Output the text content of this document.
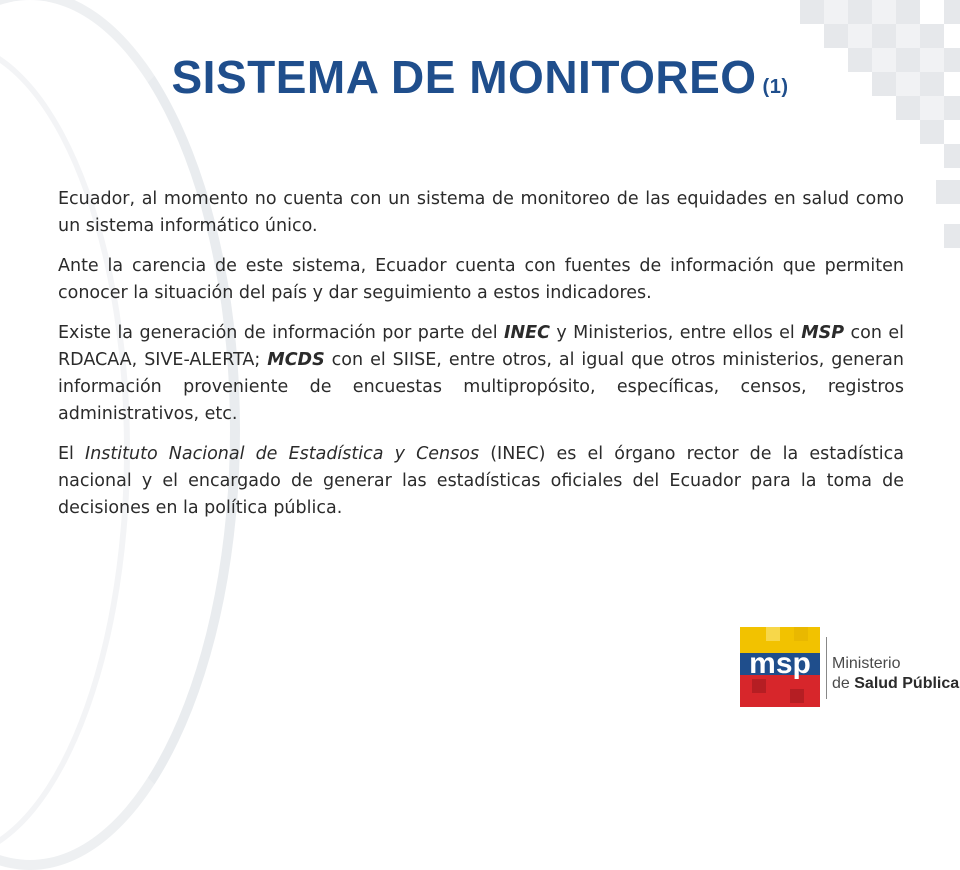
SISTEMA DE MONITOREO (1)

Ecuador, al momento no cuenta con un sistema de monitoreo de las equidades en salud como un sistema informático único.

Ante la carencia de este sistema, Ecuador cuenta con fuentes de información que permiten conocer la situación del país y dar seguimiento a estos indicadores.

Existe la generación de información por parte del INEC y Ministerios, entre ellos el MSP con el RDACAA, SIVE-ALERTA; MCDS con el SIISE, entre otros, al igual que otros ministerios, generan información proveniente de encuestas multipropósito, específicas, censos, registros administrativos, etc.

El Instituto Nacional de Estadística y Censos (INEC) es el órgano rector de la estadística nacional y el encargado de generar las estadísticas oficiales del Ecuador para la toma de decisiones en la política pública.

msp Ministerio
de Salud Pública
